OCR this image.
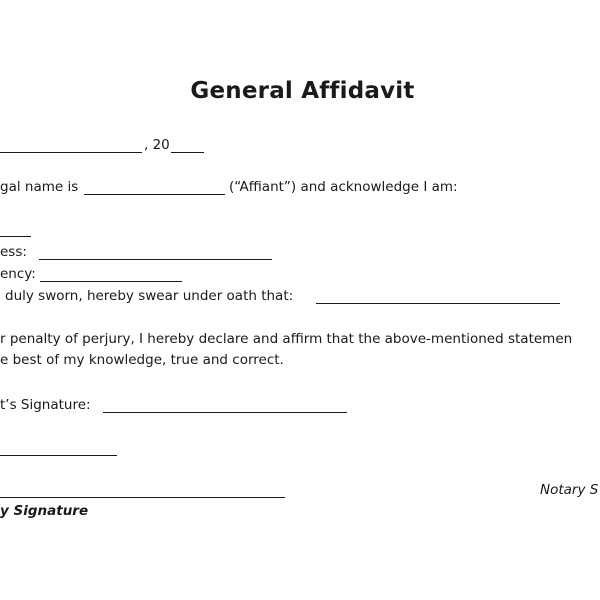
General Affidavit
, 20
gal name is	(“Affiant”) and acknowledge I am:
ess:
ency:
duly sworn, hereby swear under oath that:
r penalty of perjury, I hereby declare and affirm that the above-mentioned statemen
e best of my knowledge, true and correct.
t’s Signature:
Notary S
y Signature
